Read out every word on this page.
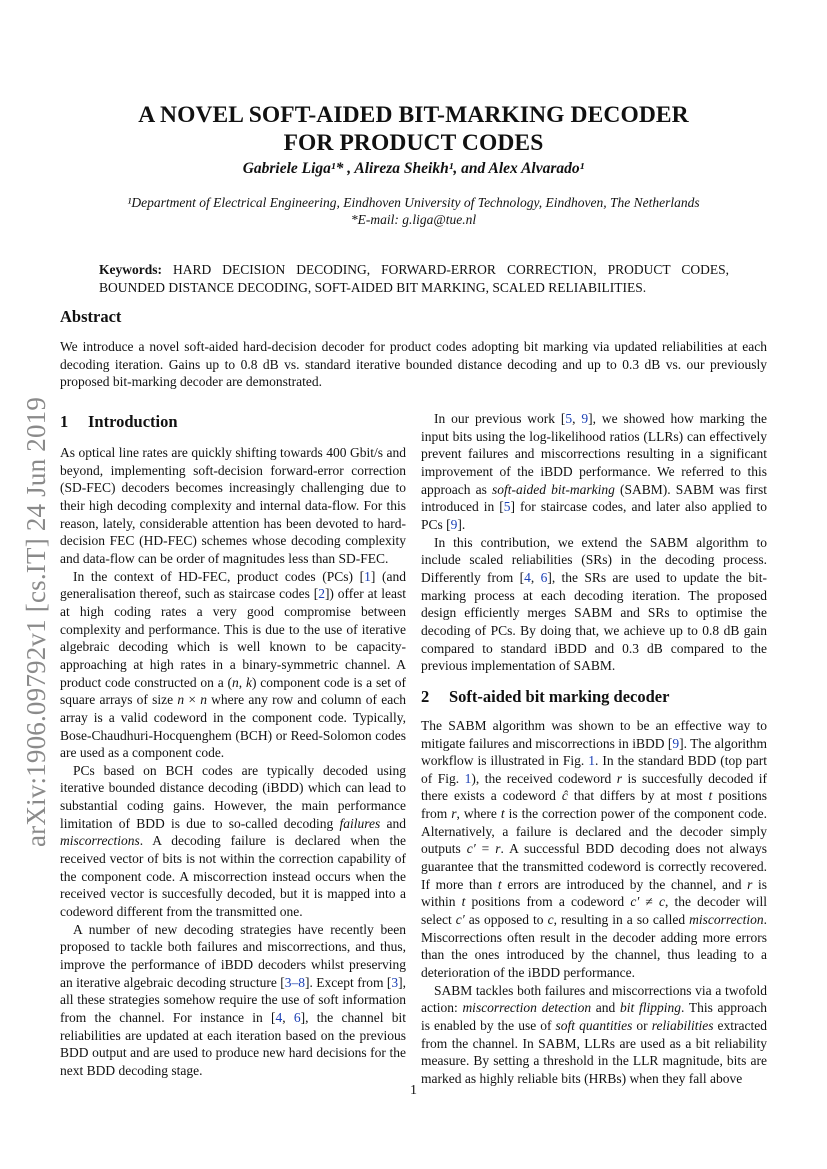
arXiv:1906.09792v1 [cs.IT] 24 Jun 2019
A NOVEL SOFT-AIDED BIT-MARKING DECODER
FOR PRODUCT CODES
Gabriele Liga¹* , Alireza Sheikh¹, and Alex Alvarado¹
¹Department of Electrical Engineering, Eindhoven University of Technology, Eindhoven, The Netherlands
*E-mail: g.liga@tue.nl
Keywords: HARD DECISION DECODING, FORWARD-ERROR CORRECTION, PRODUCT CODES, BOUNDED DISTANCE DECODING, SOFT-AIDED BIT MARKING, SCALED RELIABILITIES.
Abstract
We introduce a novel soft-aided hard-decision decoder for product codes adopting bit marking via updated reliabilities at each decoding iteration. Gains up to 0.8 dB vs. standard iterative bounded distance decoding and up to 0.3 dB vs. our previously proposed bit-marking decoder are demonstrated.
1 Introduction

As optical line rates are quickly shifting towards 400 Gbit/s and beyond, implementing soft-decision forward-error correction (SD-FEC) decoders becomes increasingly challenging due to their high decoding complexity and internal data-flow. For this reason, lately, considerable attention has been devoted to hard-decision FEC (HD-FEC) schemes whose decoding complexity and data-flow can be order of magnitudes less than SD-FEC.

In the context of HD-FEC, product codes (PCs) [1] (and generalisation thereof, such as staircase codes [2]) offer at least at high coding rates a very good compromise between complexity and performance. This is due to the use of iterative algebraic decoding which is well known to be capacity-approaching at high rates in a binary-symmetric channel. A product code constructed on a (n, k) component code is a set of square arrays of size n × n where any row and column of each array is a valid codeword in the component code. Typically, Bose-Chaudhuri-Hocquenghem (BCH) or Reed-Solomon codes are used as a component code.

PCs based on BCH codes are typically decoded using iterative bounded distance decoding (iBDD) which can lead to substantial coding gains. However, the main performance limitation of BDD is due to so-called decoding failures and miscorrections. A decoding failure is declared when the received vector of bits is not within the correction capability of the component code. A miscorrection instead occurs when the received vector is succesfully decoded, but it is mapped into a codeword different from the transmitted one.

A number of new decoding strategies have recently been proposed to tackle both failures and miscorrections, and thus, improve the performance of iBDD decoders whilst preserving an iterative algebraic decoding structure [3–8]. Except from [3], all these strategies somehow require the use of soft information from the channel. For instance in [4, 6], the channel bit reliabilities are updated at each iteration based on the previous BDD output and are used to produce new hard decisions for the next BDD decoding stage.

In our previous work [5, 9], we showed how marking the input bits using the log-likelihood ratios (LLRs) can effectively prevent failures and miscorrections resulting in a significant improvement of the iBDD performance. We referred to this approach as soft-aided bit-marking (SABM). SABM was first introduced in [5] for staircase codes, and later also applied to PCs [9].

In this contribution, we extend the SABM algorithm to include scaled reliabilities (SRs) in the decoding process. Differently from [4, 6], the SRs are used to update the bit-marking process at each decoding iteration. The proposed design efficiently merges SABM and SRs to optimise the decoding of PCs. By doing that, we achieve up to 0.8 dB gain compared to standard iBDD and 0.3 dB compared to the previous implementation of SABM.

2 Soft-aided bit marking decoder

The SABM algorithm was shown to be an effective way to mitigate failures and miscorrections in iBDD [9]. The algorithm workflow is illustrated in Fig. 1. In the standard BDD (top part of Fig. 1), the received codeword r is succesfully decoded if there exists a codeword ĉ that differs by at most t positions from r, where t is the correction power of the component code. Alternatively, a failure is declared and the decoder simply outputs c′ = r. A successful BDD decoding does not always guarantee that the transmitted codeword is correctly recovered. If more than t errors are introduced by the channel, and r is within t positions from a codeword c′ ≠ c, the decoder will select c′ as opposed to c, resulting in a so called miscorrection. Miscorrections often result in the decoder adding more errors than the ones introduced by the channel, thus leading to a deterioration of the iBDD performance.

SABM tackles both failures and miscorrections via a twofold action: miscorrection detection and bit flipping. This approach is enabled by the use of soft quantities or reliabilities extracted from the channel. In SABM, LLRs are used as a bit reliability measure. By setting a threshold in the LLR magnitude, bits are marked as highly reliable bits (HRBs) when they fall above

1
